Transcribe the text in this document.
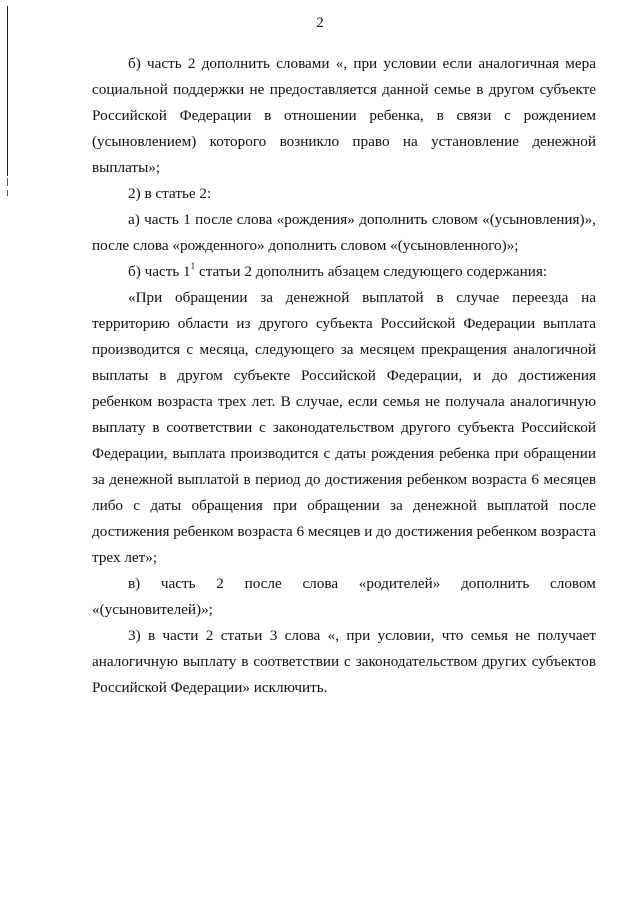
2

б) часть 2 дополнить словами «, при условии если аналогичная мера

социальной поддержки не предоставляется данной семье в другом субъекте

Российской Федерации в отношении ребенка, в связи с рождением

(усыновлением) которого возникло право на установление денежной

выплаты»;

2) в статье 2:

а) часть 1 после слова «рождения» дополнить словом «(усыновления)»,

после слова «рожденного» дополнить словом «(усыновленного)»;

б) часть $1^1$ статьи 2 дополнить абзацем следующего содержания:

«При обращении за денежной выплатой в случае переезда на

территорию области из другого субъекта Российской Федерации выплата

производится с месяца, следующего за месяцем прекращения аналогичной

выплаты в другом субъекте Российской Федерации, и до достижения

ребенком возраста трех лет. В случае, если семья не получала аналогичную

выплату в соответствии с законодательством другого субъекта Российской

Федерации, выплата производится с даты рождения ребенка при обращении

за денежной выплатой в период до достижения ребенком возраста 6 месяцев

либо с даты обращения при обращении за денежной выплатой после

достижения ребенком возраста 6 месяцев и до достижения ребенком возраста

трех лет»;

в) часть 2 после слова «родителей» дополнить словом

«(усыновителей)»;

3) в части 2 статьи 3 слова «, при условии, что семья не получает

аналогичную выплату в соответствии с законодательством других субъектов

Российской Федерации» исключить.
